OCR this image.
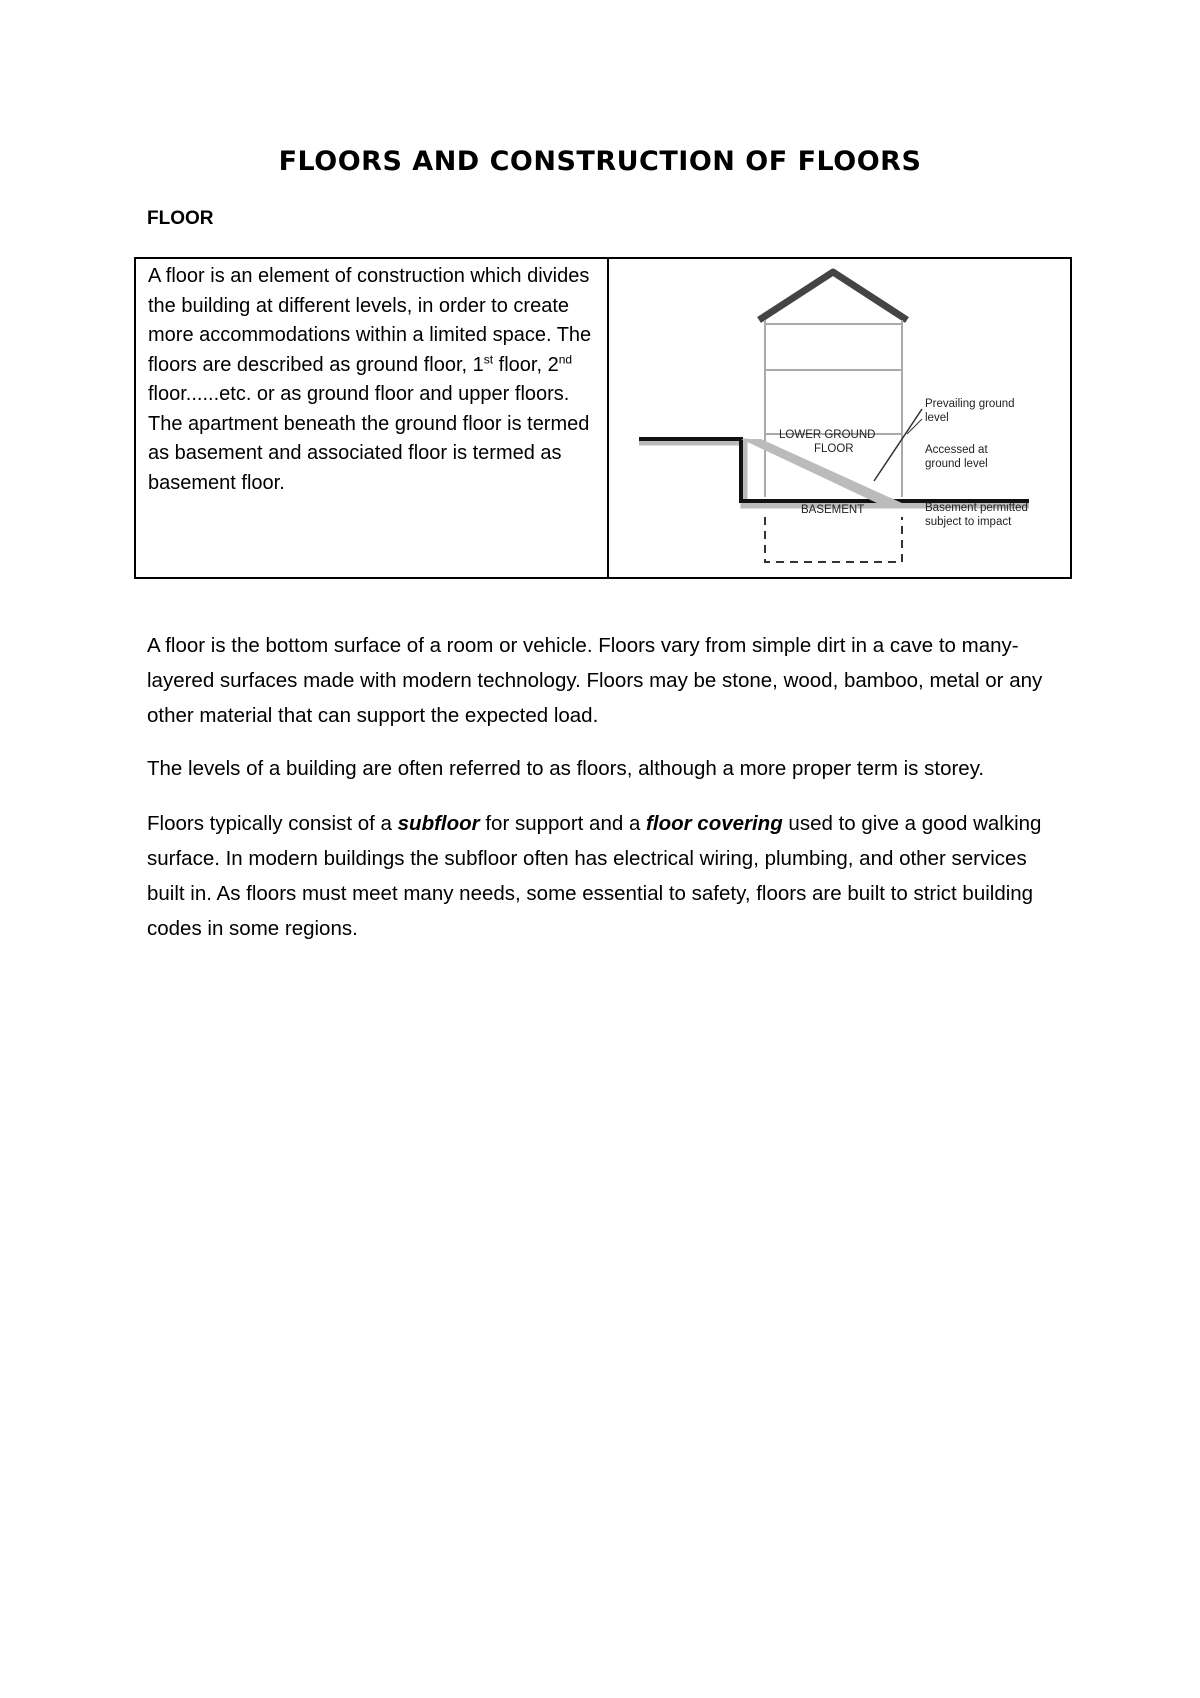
FLOORS AND CONSTRUCTION OF FLOORS
FLOOR
A floor is an element of construction which divides the building at different levels, in order to create more accommodations within a limited space. The floors are described as ground floor, 1st floor, 2nd floor......etc. or as ground floor and upper floors.
The apartment beneath the ground floor is termed as basement and associated floor is termed as basement floor.
LOWER GROUND
FLOOR
BASEMENT
Prevailing ground
level
Accessed at
ground level
Basement permitted
subject to impact

A floor is the bottom surface of a room or vehicle. Floors vary from simple dirt in a cave to many-layered surfaces made with modern technology. Floors may be stone, wood, bamboo, metal or any other material that can support the expected load.

The levels of a building are often referred to as floors, although a more proper term is storey.

Floors typically consist of a subfloor for support and a floor covering used to give a good walking surface. In modern buildings the subfloor often has electrical wiring, plumbing, and other services built in. As floors must meet many needs, some essential to safety, floors are built to strict building codes in some regions.
